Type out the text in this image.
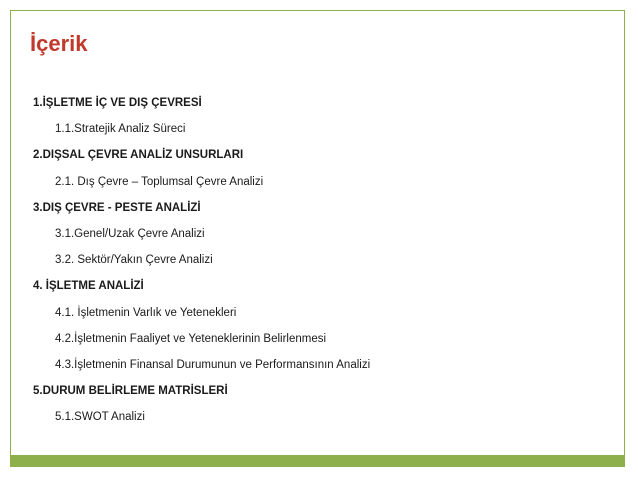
İçerik
1.İŞLETME İÇ VE DIŞ ÇEVRESİ
1.1.Stratejik Analiz Süreci
2.DIŞSAL ÇEVRE ANALİZ UNSURLARI
2.1. Dış Çevre – Toplumsal Çevre Analizi
3.DIŞ ÇEVRE - PESTE ANALİZİ
3.1.Genel/Uzak Çevre Analizi
3.2. Sektör/Yakın Çevre Analizi
4. İŞLETME ANALİZİ
4.1. İşletmenin Varlık ve Yetenekleri
4.2.İşletmenin Faaliyet ve Yeteneklerinin Belirlenmesi
4.3.İşletmenin Finansal Durumunun ve Performansının Analizi
5.DURUM BELİRLEME MATRİSLERİ
5.1.SWOT Analizi
